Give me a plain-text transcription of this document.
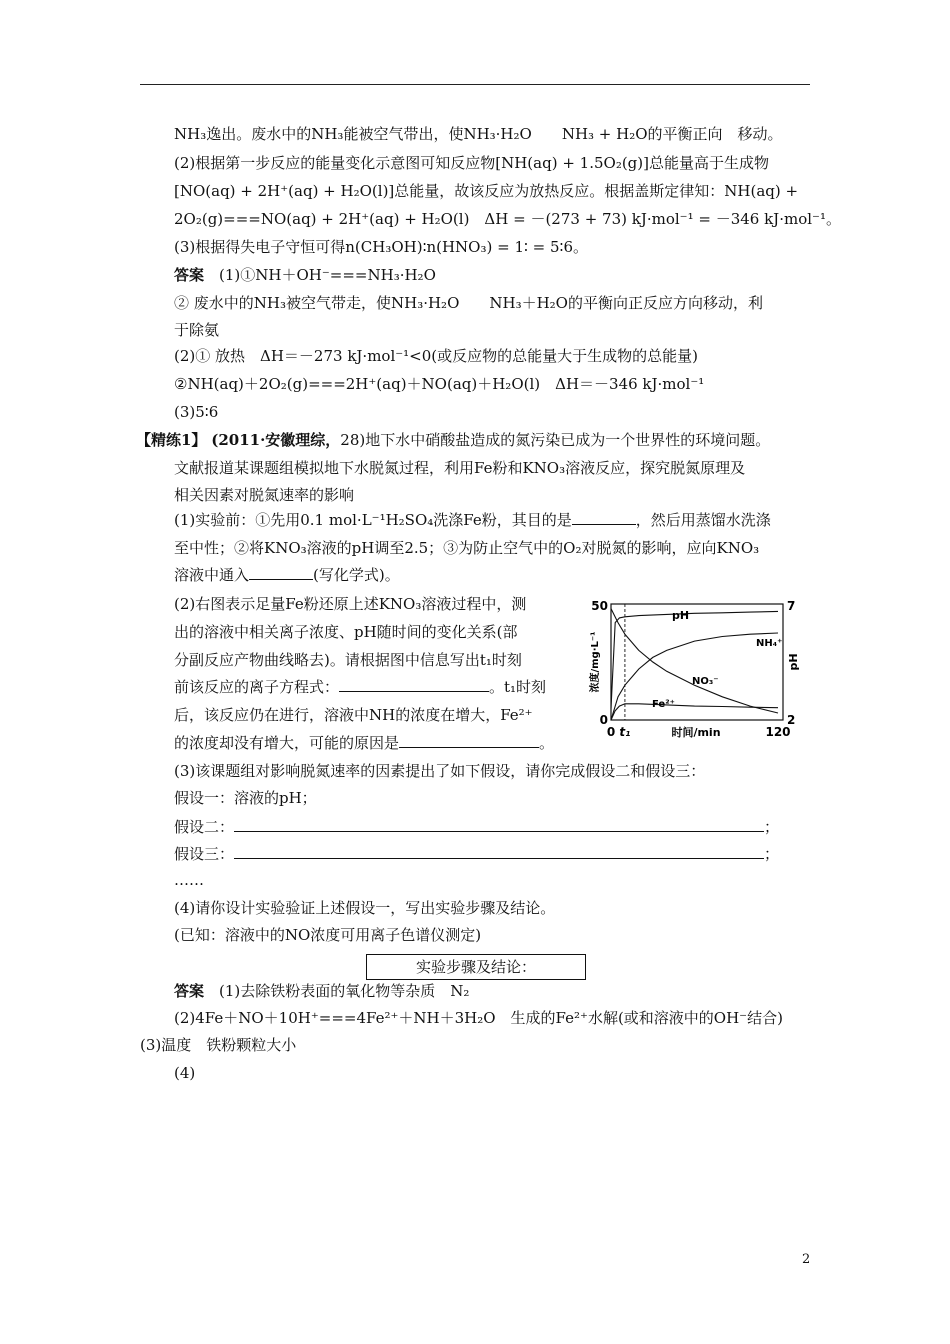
NH₃逸出。废水中的NH₃能被空气带出，使NH₃·H₂O　　NH₃ + H₂O的平衡正向　移动。
(2)根据第一步反应的能量变化示意图可知反应物[NH(aq) + 1.5O₂(g)]总能量高于生成物
[NO(aq) + 2H⁺(aq) + H₂O(l)]总能量，故该反应为放热反应。根据盖斯定律知：NH(aq) +
2O₂(g)===NO(aq) + 2H⁺(aq) + H₂O(l)　ΔH = －(273 + 73) kJ·mol⁻¹ = －346 kJ·mol⁻¹。
(3)根据得失电子守恒可得n(CH₃OH)∶n(HNO₃) = 1∶ = 5∶6。
答案　 (1)①NH＋OH⁻===NH₃·H₂O
② 废水中的NH₃被空气带走，使NH₃·H₂O　　NH₃＋H₂O的平衡向正反应方向移动，利
于除氨
(2)① 放热　ΔH＝－273 kJ·mol⁻¹<0(或反应物的总能量大于生成物的总能量)
②NH(aq)＋2O₂(g)===2H⁺(aq)＋NO(aq)＋H₂O(l)　ΔH＝－346 kJ·mol⁻¹
(3)5∶6
【精练1】 (2011·安徽理综，28)地下水中硝酸盐造成的氮污染已成为一个世界性的环境问题。
文献报道某课题组模拟地下水脱氮过程，利用Fe粉和KNO₃溶液反应，探究脱氮原理及
相关因素对脱氮速率的影响
(1)实验前：①先用0.1 mol·L⁻¹H₂SO₄洗涤Fe粉，其目的是	，然后用蒸馏水洗涤
至中性；②将KNO₃溶液的pH调至2.5；③为防止空气中的O₂对脱氮的影响，应向KNO₃
溶液中通入	(写化学式)。
(2)右图表示足量Fe粉还原上述KNO₃溶液过程中，测
出的溶液中相关离子浓度、pH随时间的变化关系(部
分副反应产物曲线略去)。请根据图中信息写出t₁时刻
前该反应的离子方程式：	。t₁时刻
后，该反应仍在进行，溶液中NH的浓度在增大，Fe²⁺
的浓度却没有增大，可能的原因是	。
50
0
7
2
0 t₁	120
时间/min
浓度/mg·L⁻¹	pH
pH
NH₄⁺
NO₃⁻
Fe²⁺
(3)该课题组对影响脱氮速率的因素提出了如下假设，请你完成假设二和假设三：
假设一：溶液的pH；
假设二：	；
假设三：	；
……
(4)请你设计实验验证上述假设一，写出实验步骤及结论。
(已知：溶液中的NO浓度可用离子色谱仪测定)
实验步骤及结论：
答案　 (1)去除铁粉表面的氧化物等杂质　N₂
(2)4Fe＋NO＋10H⁺===4Fe²⁺＋NH＋3H₂O　生成的Fe²⁺水解(或和溶液中的OH⁻结合)
(3)温度　铁粉颗粒大小
(4)
2
